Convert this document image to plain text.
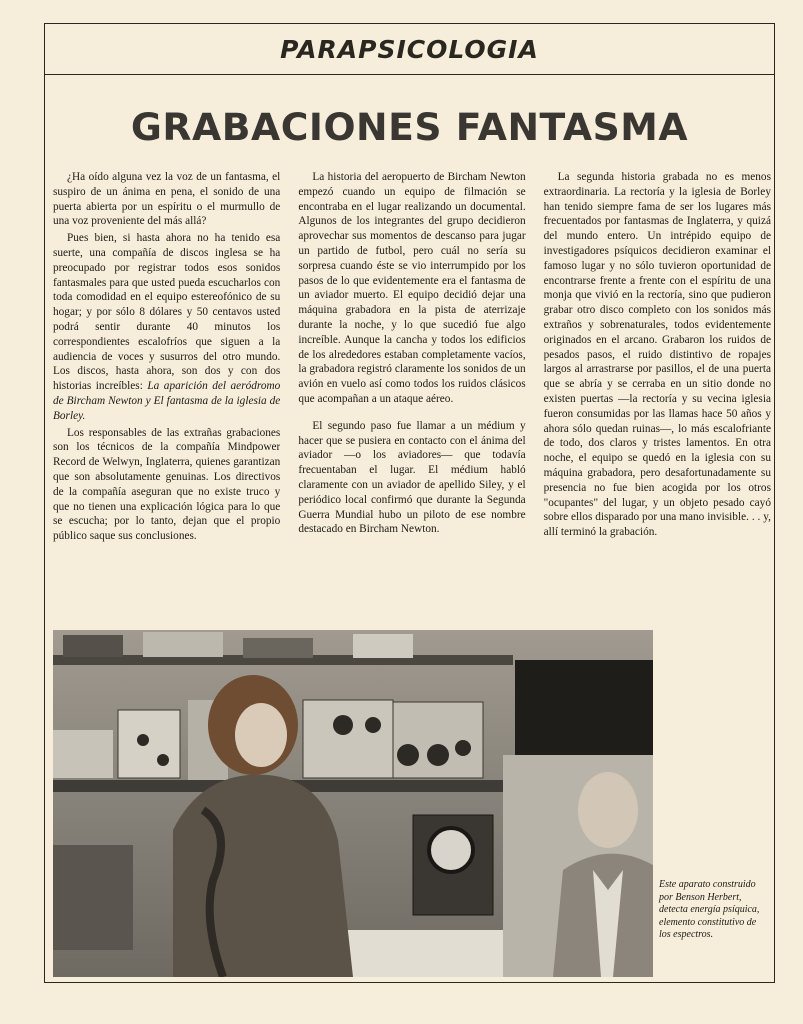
PARAPSICOLOGIA
GRABACIONES FANTASMA

¿Ha oído alguna vez la voz de un fantasma, el suspiro de un ánima en pena, el sonido de una puerta abierta por un espíritu o el murmullo de una voz proveniente del más allá?

Pues bien, si hasta ahora no ha tenido esa suerte, una compañía de discos inglesa se ha preocupado por registrar todos esos sonidos fantasmales para que usted pueda escucharlos con toda comodidad en el equipo estereofónico de su hogar; y por sólo 8 dólares y 50 centavos usted podrá sentir durante 40 minutos los correspondientes escalofríos que siguen a la audiencia de voces y susurros del otro mundo. Los discos, hasta ahora, son dos y con dos historias increíbles: La aparición del aeródromo de Bircham Newton y El fantasma de la iglesia de Borley.

Los responsables de las extrañas grabaciones son los técnicos de la compañía Mindpower Record de Welwyn, Inglaterra, quienes garantizan que son absolutamente genuinas. Los directivos de la compañía aseguran que no existe truco y que no tienen una explicación lógica para lo que se escucha; por lo tanto, dejan que el propio público saque sus conclusiones.

La historia del aeropuerto de Bircham Newton empezó cuando un equipo de filmación se encontraba en el lugar realizando un documental. Algunos de los integrantes del grupo decidieron aprovechar sus momentos de descanso para jugar un partido de futbol, pero cuál no sería su sorpresa cuando éste se vio interrumpido por los pasos de lo que evidentemente era el fantasma de un aviador muerto. El equipo decidió dejar una máquina grabadora en la pista de aterrizaje durante la noche, y lo que sucedió fue algo increíble. Aunque la cancha y todos los edificios de los alrededores estaban completamente vacíos, la grabadora registró claramente los sonidos de un avión en vuelo así como todos los ruidos clásicos que acompañan a un ataque aéreo.

El segundo paso fue llamar a un médium y hacer que se pusiera en contacto con el ánima del aviador —o los aviadores— que todavía frecuentaban el lugar. El médium habló claramente con un aviador de apellido Siley, y el periódico local confirmó que durante la Segunda Guerra Mundial hubo un piloto de ese nombre destacado en Bircham Newton.

La segunda historia grabada no es menos extraordinaria. La rectoría y la iglesia de Borley han tenido siempre fama de ser los lugares más frecuentados por fantasmas de Inglaterra, y quizá del mundo entero. Un intrépido equipo de investigadores psíquicos decidieron examinar el famoso lugar y no sólo tuvieron oportunidad de encontrarse frente a frente con el espíritu de una monja que vivió en la rectoría, sino que pudieron grabar otro disco completo con los sonidos más extraños y sobrenaturales, todos evidentemente originados en el arcano. Grabaron los ruidos de pesados pasos, el ruido distintivo de ropajes largos al arrastrarse por pasillos, el de una puerta que se abría y se cerraba en un sitio donde no existen puertas —la rectoría y su vecina iglesia fueron consumidas por las llamas hace 50 años y ahora sólo quedan ruinas—, lo más escalofriante de todo, dos claros y tristes lamentos. En otra noche, el equipo se quedó en la iglesia con su máquina grabadora, pero desafortunadamente su presencia no fue bien acogida por los otros "ocupantes" del lugar, y un objeto pesado cayó sobre ellos disparado por una mano invisible. . . y, allí terminó la grabación.

Este aparato construido por Benson Herbert, detecta energía psíquica, elemento constitutivo de los espectros.
